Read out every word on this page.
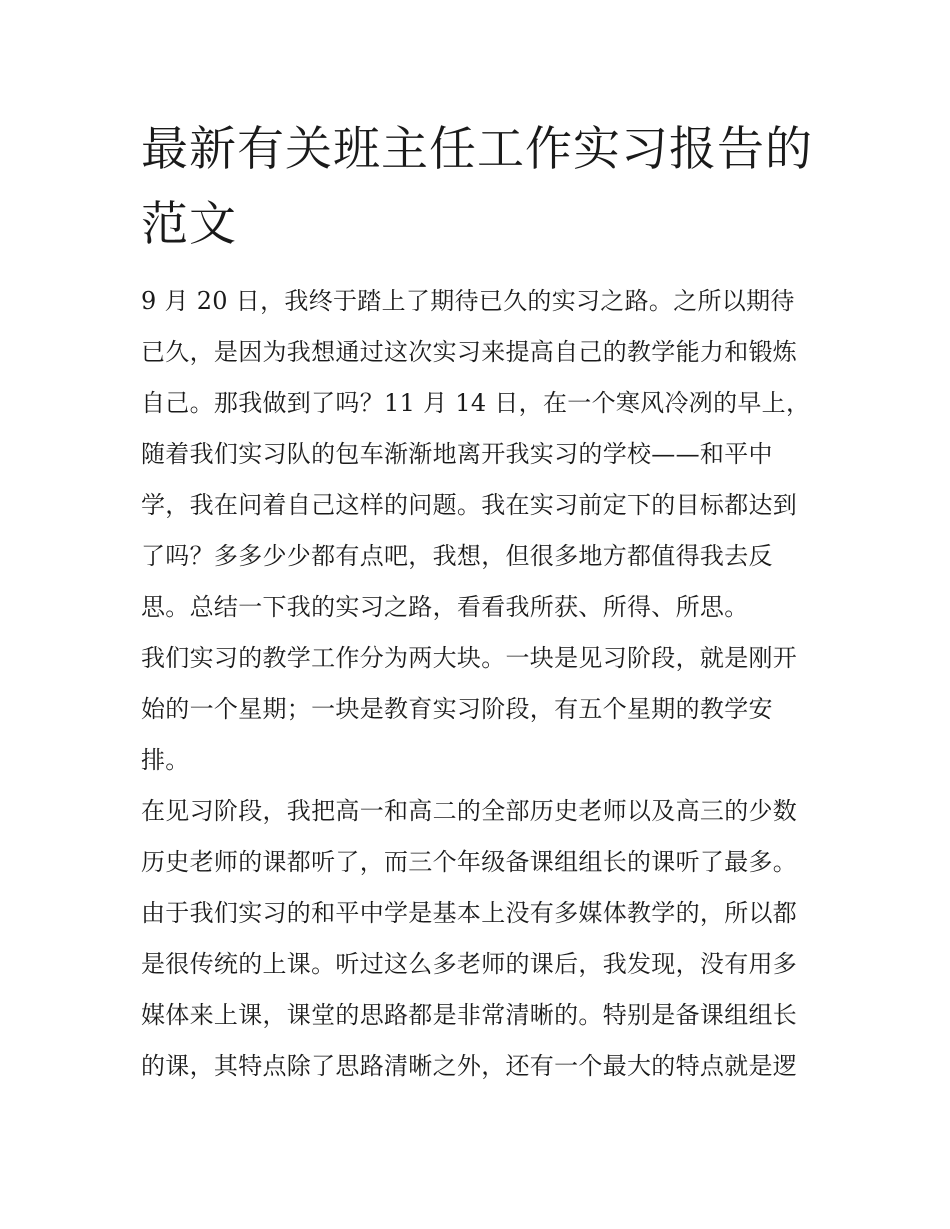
最新有关班主任工作实习报告的范文

9 月 20 日，我终于踏上了期待已久的实习之路。之所以期待已久，是因为我想通过这次实习来提高自己的教学能力和锻炼自己。那我做到了吗？11 月 14 日，在一个寒风冷冽的早上，随着我们实习队的包车渐渐地离开我实习的学校——和平中学，我在问着自己这样的问题。我在实习前定下的目标都达到了吗？多多少少都有点吧，我想，但很多地方都值得我去反思。总结一下我的实习之路，看看我所获、所得、所思。

我们实习的教学工作分为两大块。一块是见习阶段，就是刚开始的一个星期；一块是教育实习阶段，有五个星期的教学安排。

在见习阶段，我把高一和高二的全部历史老师以及高三的少数历史老师的课都听了，而三个年级备课组组长的课听了最多。由于我们实习的和平中学是基本上没有多媒体教学的，所以都是很传统的上课。听过这么多老师的课后，我发现，没有用多媒体来上课，课堂的思路都是非常清晰的。特别是备课组组长的课，其特点除了思路清晰之外，还有一个最大的特点就是逻
